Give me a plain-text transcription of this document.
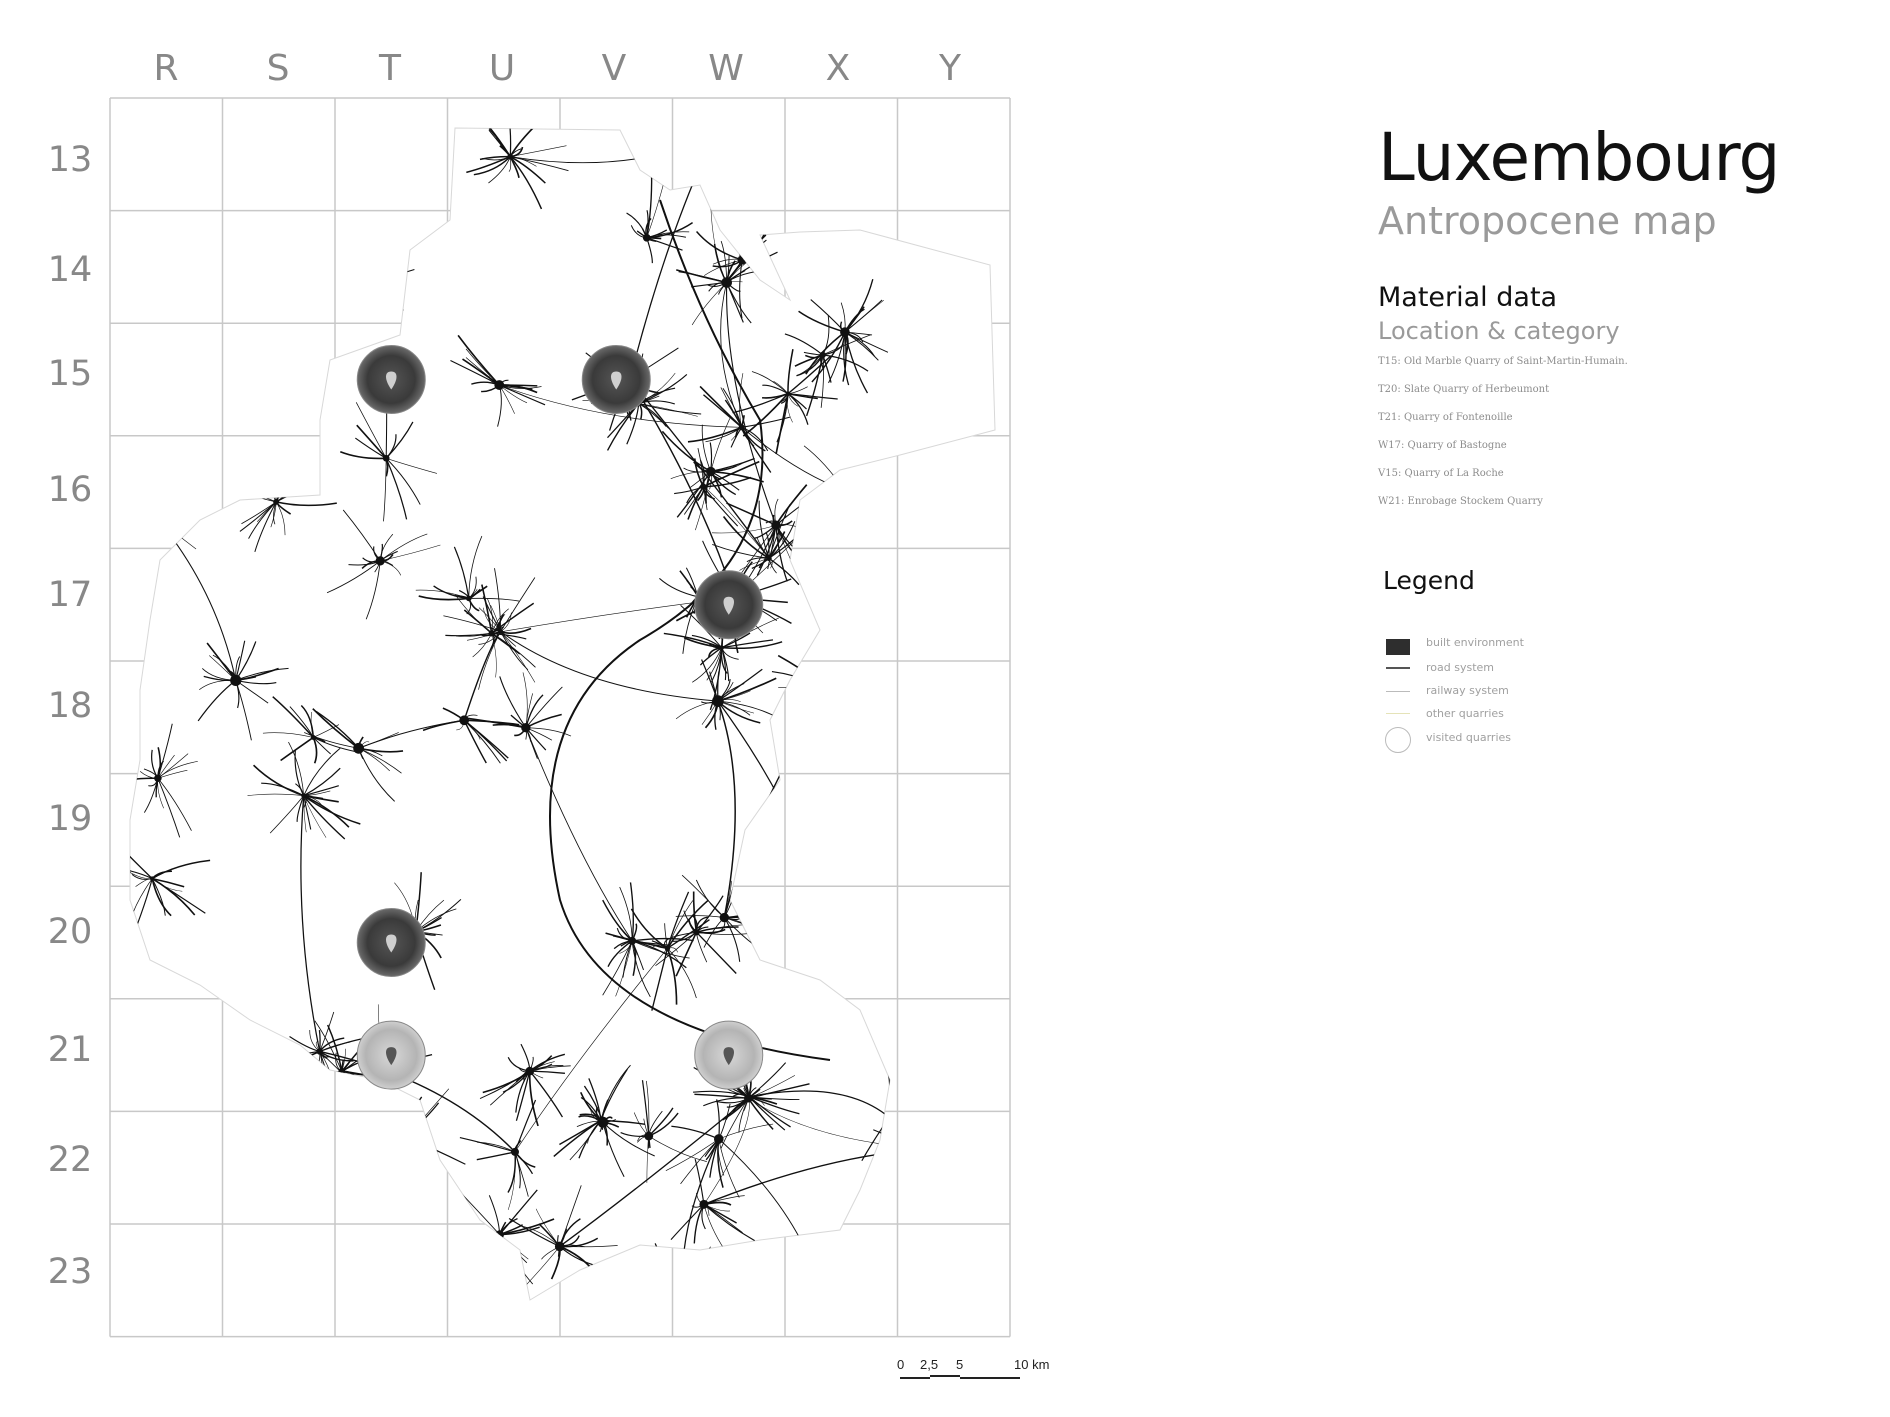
R	S	T	U	V	W	X	Y
13
14
15
16
17
18
19
20
21
22
23
Luxembourg
Antropocene map
Material data
Location & category
T15: Old Marble Quarry of Saint-Martin-Humain.
T20: Slate Quarry of Herbeumont
T21: Quarry of Fontenoille
W17: Quarry of Bastogne
V15: Quarry of La Roche
W21: Enrobage Stockem Quarry
Legend
built environment
road system
railway system
other quarries
visited quarries
0 2,5 5	10 km
